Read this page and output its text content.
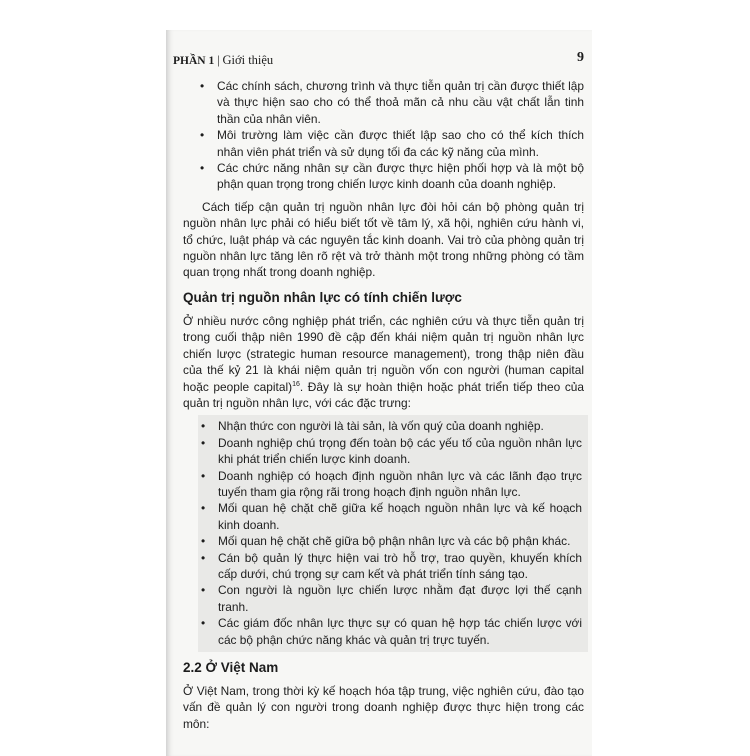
PHẦN 1 | Giới thiệu	9
• Các chính sách, chương trình và thực tiễn quản trị cần được thiết lập và thực hiện sao cho có thể thoả mãn cả nhu cầu vật chất lẫn tinh thần của nhân viên.
• Môi trường làm việc cần được thiết lập sao cho có thể kích thích nhân viên phát triển và sử dụng tối đa các kỹ năng của mình.
• Các chức năng nhân sự cần được thực hiện phối hợp và là một bộ phận quan trọng trong chiến lược kinh doanh của doanh nghiệp.

Cách tiếp cận quản trị nguồn nhân lực đòi hỏi cán bộ phòng quản trị nguồn nhân lực phải có hiểu biết tốt về tâm lý, xã hội, nghiên cứu hành vi, tổ chức, luật pháp và các nguyên tắc kinh doanh. Vai trò của phòng quản trị nguồn nhân lực tăng lên rõ rệt và trở thành một trong những phòng có tầm quan trọng nhất trong doanh nghiệp.

Quản trị nguồn nhân lực có tính chiến lược

Ở nhiều nước công nghiệp phát triển, các nghiên cứu và thực tiễn quản trị trong cuối thập niên 1990 đề cập đến khái niệm quản trị nguồn nhân lực chiến lược (strategic human resource management), trong thập niên đầu của thế kỷ 21 là khái niệm quản trị nguồn vốn con người (human capital hoặc people capital)$^{16}$. Đây là sự hoàn thiện hoặc phát triển tiếp theo của quản trị nguồn nhân lực, với các đặc trưng:

• Nhận thức con người là tài sản, là vốn quý của doanh nghiệp.
• Doanh nghiệp chú trọng đến toàn bộ các yếu tố của nguồn nhân lực khi phát triển chiến lược kinh doanh.
• Doanh nghiệp có hoạch định nguồn nhân lực và các lãnh đạo trực tuyến tham gia rộng rãi trong hoạch định nguồn nhân lực.
• Mối quan hệ chặt chẽ giữa kế hoạch nguồn nhân lực và kế hoạch kinh doanh.
• Mối quan hệ chặt chẽ giữa bộ phận nhân lực và các bộ phận khác.
• Cán bộ quản lý thực hiện vai trò hỗ trợ, trao quyền, khuyến khích cấp dưới, chú trọng sự cam kết và phát triển tính sáng tạo.
• Con người là nguồn lực chiến lược nhằm đạt được lợi thế cạnh tranh.
• Các giám đốc nhân lực thực sự có quan hệ hợp tác chiến lược với các bộ phận chức năng khác và quản trị trực tuyến.
2.2 Ở Việt Nam

Ở Việt Nam, trong thời kỳ kế hoạch hóa tập trung, việc nghiên cứu, đào tạo vấn đề quản lý con người trong doanh nghiệp được thực hiện trong các môn:
